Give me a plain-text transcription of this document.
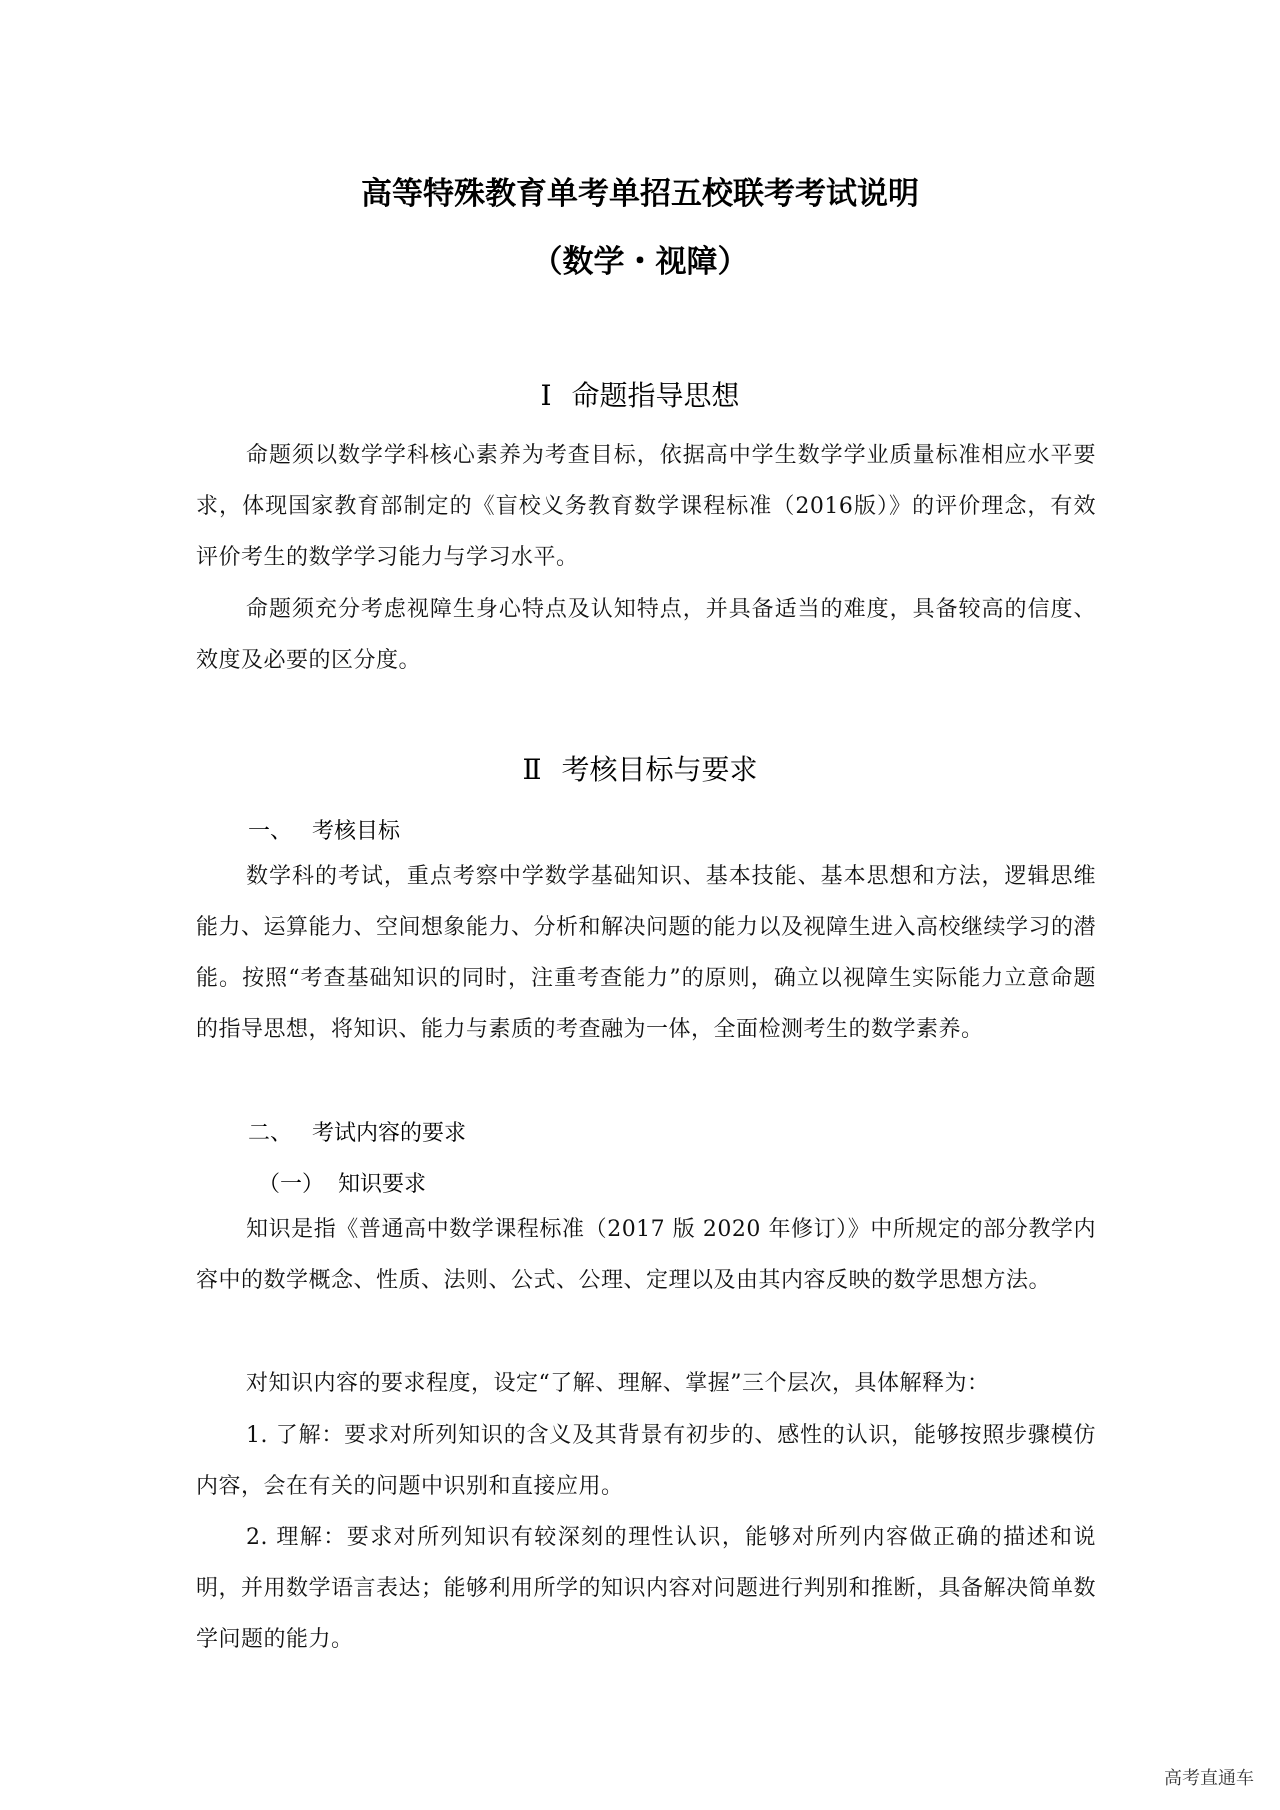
高等特殊教育单考单招五校联考考试说明
（数学・视障）
Ⅰ 命题指导思想
命题须以数学学科核心素养为考查目标，依据高中学生数学学业质量标准相应水平要求，体现国家教育部制定的《盲校义务教育数学课程标准（2016版）》的评价理念，有效评价考生的数学学习能力与学习水平。
命题须充分考虑视障生身心特点及认知特点，并具备适当的难度，具备较高的信度、效度及必要的区分度。
Ⅱ 考核目标与要求
一、 考核目标
数学科的考试，重点考察中学数学基础知识、基本技能、基本思想和方法，逻辑思维能力、运算能力、空间想象能力、分析和解决问题的能力以及视障生进入高校继续学习的潜能。按照“考查基础知识的同时，注重考查能力”的原则，确立以视障生实际能力立意命题的指导思想，将知识、能力与素质的考查融为一体，全面检测考生的数学素养。
二、 考试内容的要求
（一） 知识要求
知识是指《普通高中数学课程标准（2017 版 2020 年修订）》中所规定的部分教学内容中的数学概念、性质、法则、公式、公理、定理以及由其内容反映的数学思想方法。
对知识内容的要求程度，设定“了解、理解、掌握”三个层次，具体解释为：
1. 了解：要求对所列知识的含义及其背景有初步的、感性的认识，能够按照步骤模仿内容，会在有关的问题中识别和直接应用。
2. 理解：要求对所列知识有较深刻的理性认识，能够对所列内容做正确的描述和说明，并用数学语言表达；能够利用所学的知识内容对问题进行判别和推断，具备解决简单数学问题的能力。
高考直通车
